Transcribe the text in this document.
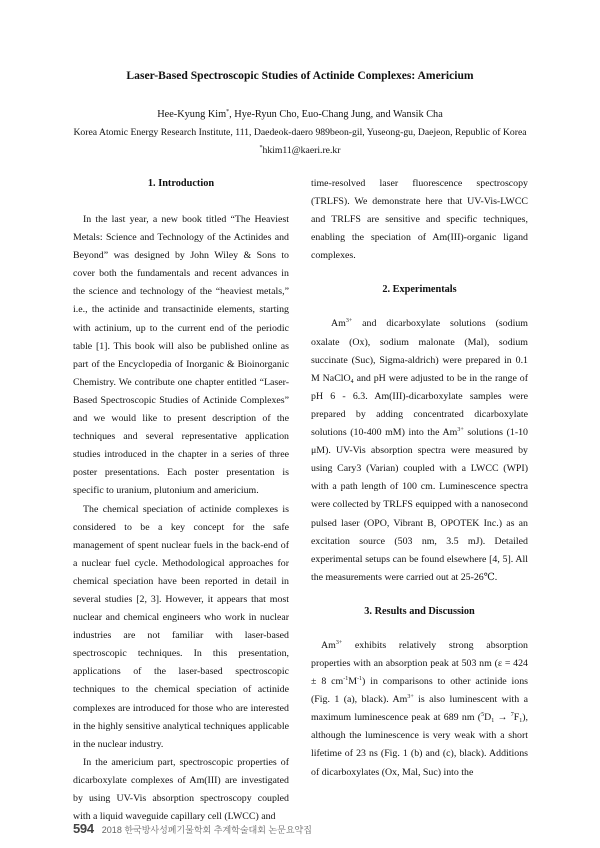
Laser-Based Spectroscopic Studies of Actinide Complexes: Americium
Hee-Kyung Kim*, Hye-Ryun Cho, Euo-Chang Jung, and Wansik Cha
Korea Atomic Energy Research Institute, 111, Daedeok-daero 989beon-gil, Yuseong-gu, Daejeon, Republic of Korea
*hkim11@kaeri.re.kr

1. Introduction

In the last year, a new book titled “The Heaviest Metals: Science and Technology of the Actinides and Beyond” was designed by John Wiley & Sons to cover both the fundamentals and recent advances in the science and technology of the “heaviest metals,” i.e., the actinide and transactinide elements, starting with actinium, up to the current end of the periodic table [1]. This book will also be published online as part of the Encyclopedia of Inorganic & Bioinorganic Chemistry. We contribute one chapter entitled “Laser-Based Spectroscopic Studies of Actinide Complexes” and we would like to present description of the techniques and several representative application studies introduced in the chapter in a series of three poster presentations. Each poster presentation is specific to uranium, plutonium and americium.

The chemical speciation of actinide complexes is considered to be a key concept for the safe management of spent nuclear fuels in the back-end of a nuclear fuel cycle. Methodological approaches for chemical speciation have been reported in detail in several studies [2, 3]. However, it appears that most nuclear and chemical engineers who work in nuclear industries are not familiar with laser-based spectroscopic techniques. In this presentation, applications of the laser-based spectroscopic techniques to the chemical speciation of actinide complexes are introduced for those who are interested in the highly sensitive analytical techniques applicable in the nuclear industry.

In the americium part, spectroscopic properties of dicarboxylate complexes of Am(III) are investigated by using UV-Vis absorption spectroscopy coupled with a liquid waveguide capillary cell (LWCC) and

time-resolved laser fluorescence spectroscopy (TRLFS). We demonstrate here that UV-Vis-LWCC and TRLFS are sensitive and specific techniques, enabling the speciation of Am(III)-organic ligand complexes.

2. Experimentals

$Am^{3+}$ and dicarboxylate solutions (sodium oxalate (Ox), sodium malonate (Mal), sodium succinate (Suc), Sigma-aldrich) were prepared in 0.1 M NaClO$_4$ and pH were adjusted to be in the range of pH 6 - 6.3. Am(III)-dicarboxylate samples were prepared by adding concentrated dicarboxylate solutions (10-400 mM) into the $Am^{3+}$ solutions (1-10 μM). UV-Vis absorption spectra were measured by using Cary3 (Varian) coupled with a LWCC (WPI) with a path length of 100 cm. Luminescence spectra were collected by TRLFS equipped with a nanosecond pulsed laser (OPO, Vibrant B, OPOTEK Inc.) as an excitation source (503 nm, 3.5 mJ). Detailed experimental setups can be found elsewhere [4, 5]. All the measurements were carried out at 25-26℃.

3. Results and Discussion

$Am^{3+}$ exhibits relatively strong absorption properties with an absorption peak at 503 nm (ε = 424 ± 8 $cm^{-1}M^{-1}$) in comparisons to other actinide ions (Fig. 1 (a), black). $Am^{3+}$ is also luminescent with a maximum luminescence peak at 689 nm $(^5D_1 \to ^7F_1)$, although the luminescence is very weak with a short lifetime of 23 ns (Fig. 1 (b) and (c), black). Additions of dicarboxylates (Ox, Mal, Suc) into the

594 2018 한국방사성폐기물학회 추계학술대회 논문요약집
